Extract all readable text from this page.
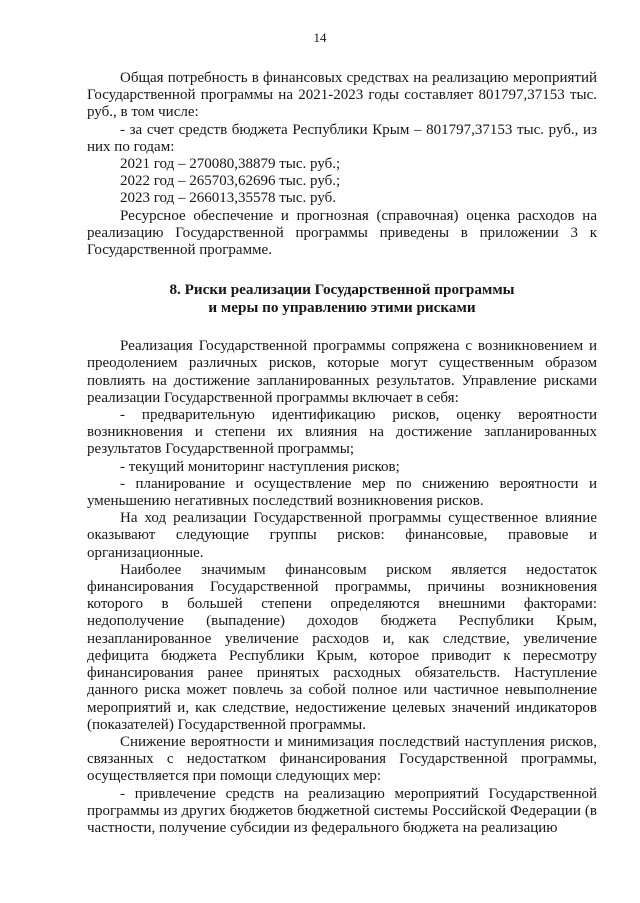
14

Общая потребность в финансовых средствах на реализацию мероприятий Государственной программы на 2021-2023 годы составляет 801797,37153 тыс. руб., в том числе:

- за счет средств бюджета Республики Крым – 801797,37153 тыс. руб., из них по годам:

2021 год – 270080,38879 тыс. руб.;

2022 год – 265703,62696 тыс. руб.;

2023 год – 266013,35578 тыс. руб.

Ресурсное обеспечение и прогнозная (справочная) оценка расходов на реализацию Государственной программы приведены в приложении 3 к Государственной программе.

8. Риски реализации Государственной программы
и меры по управлению этими рисками

Реализация Государственной программы сопряжена с возникновением и преодолением различных рисков, которые могут существенным образом повлиять на достижение запланированных результатов. Управление рисками реализации Государственной программы включает в себя:

- предварительную идентификацию рисков, оценку вероятности возникновения и степени их влияния на достижение запланированных результатов Государственной программы;

- текущий мониторинг наступления рисков;

- планирование и осуществление мер по снижению вероятности и уменьшению негативных последствий возникновения рисков.

На ход реализации Государственной программы существенное влияние оказывают следующие группы рисков: финансовые, правовые и организационные.

Наиболее значимым финансовым риском является недостаток финансирования Государственной программы, причины возникновения которого в большей степени определяются внешними факторами: недополучение (выпадение) доходов бюджета Республики Крым, незапланированное увеличение расходов и, как следствие, увеличение дефицита бюджета Республики Крым, которое приводит к пересмотру финансирования ранее принятых расходных обязательств. Наступление данного риска может повлечь за собой полное или частичное невыполнение мероприятий и, как следствие, недостижение целевых значений индикаторов (показателей) Государственной программы.

Снижение вероятности и минимизация последствий наступления рисков, связанных с недостатком финансирования Государственной программы, осуществляется при помощи следующих мер:

- привлечение средств на реализацию мероприятий Государственной программы из других бюджетов бюджетной системы Российской Федерации (в частности, получение субсидии из федерального бюджета на реализацию
